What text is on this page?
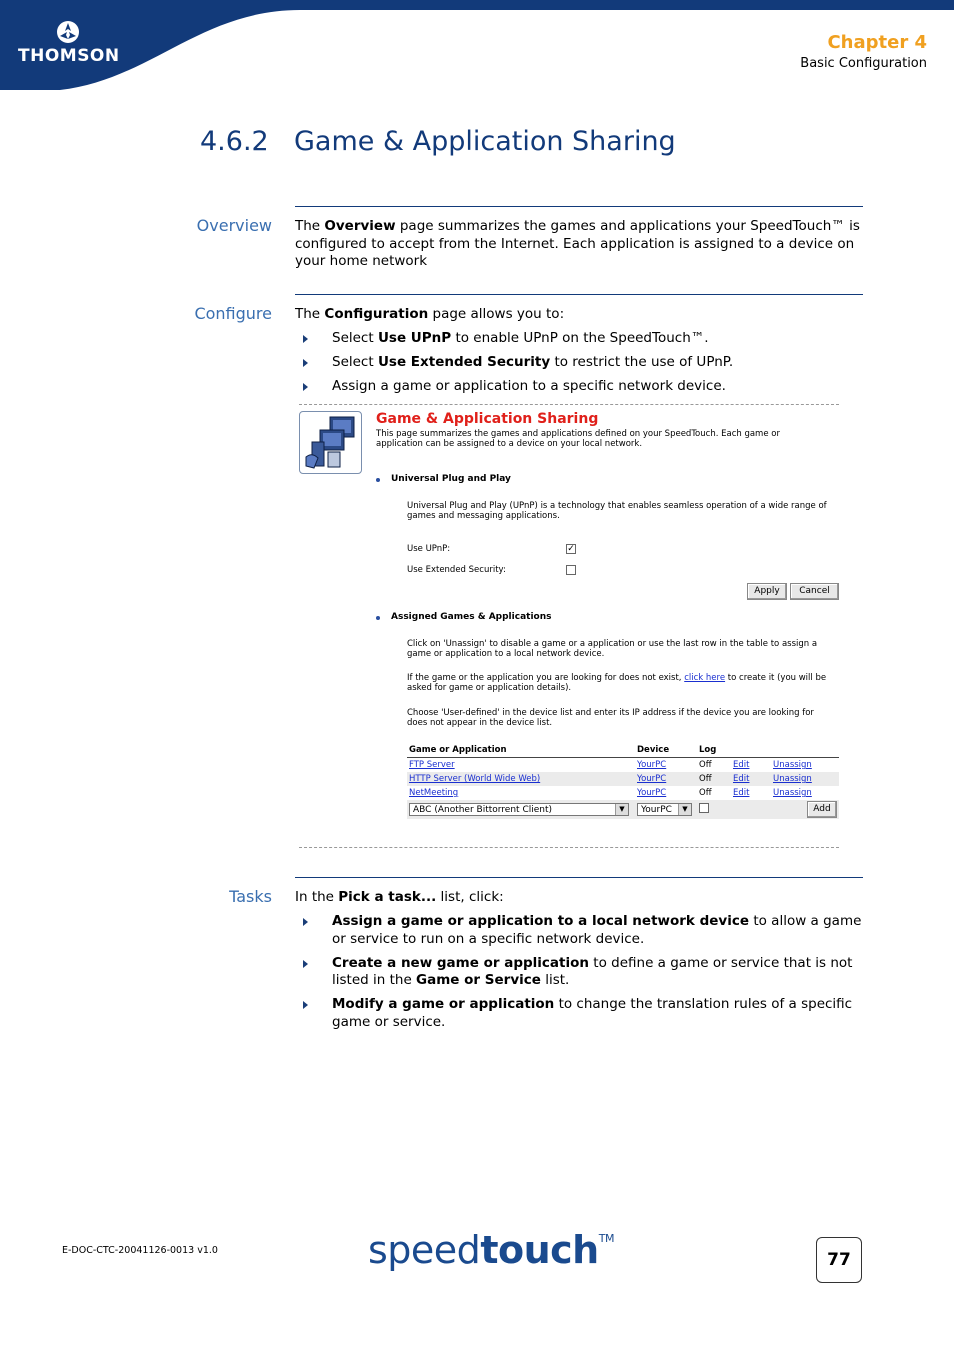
THOMSON
Chapter 4
Basic Configuration
4.6.2 Game & Application Sharing
Overview The Overview page summarizes the games and applications your SpeedTouch™ is configured to accept from the Internet. Each application is assigned to a device on your home network
Configure The Configuration page allows you to:
Select Use UPnP to enable UPnP on the SpeedTouch™.
Select Use Extended Security to restrict the use of UPnP.
Assign a game or application to a specific network device.
Game & Application Sharing
This page summarizes the games and applications defined on your SpeedTouch. Each game or application can be assigned to a device on your local network.
Universal Plug and Play
Universal Plug and Play (UPnP) is a technology that enables seamless operation of a wide range of games and messaging applications.
Use UPnP:	✓
Use Extended Security:
Apply	Cancel
Assigned Games & Applications
Click on 'Unassign' to disable a game or a application or use the last row in the table to assign a game or application to a local network device.
If the game or the application you are looking for does not exist, click here to create it (you will be asked for game or application details).
Choose 'User-defined' in the device list and enter its IP address if the device you are looking for does not appear in the device list.
Game or Application	Device	Log		
FTP Server	YourPC	Off	Edit	Unassign
HTTP Server (World Wide Web)	YourPC	Off	Edit	Unassign
NetMeeting	YourPC	Off	Edit	Unassign
ABC (Another Bittorrent Client) ▼	YourPC ▼			Add
Tasks In the Pick a task... list, click:
Assign a game or application to a local network device to allow a game or service to run on a specific network device.
Create a new game or application to define a game or service that is not listed in the Game or Service list.
Modify a game or application to change the translation rules of a specific game or service.
E-DOC-CTC-20041126-0013 v1.0	speedtouch™
77
